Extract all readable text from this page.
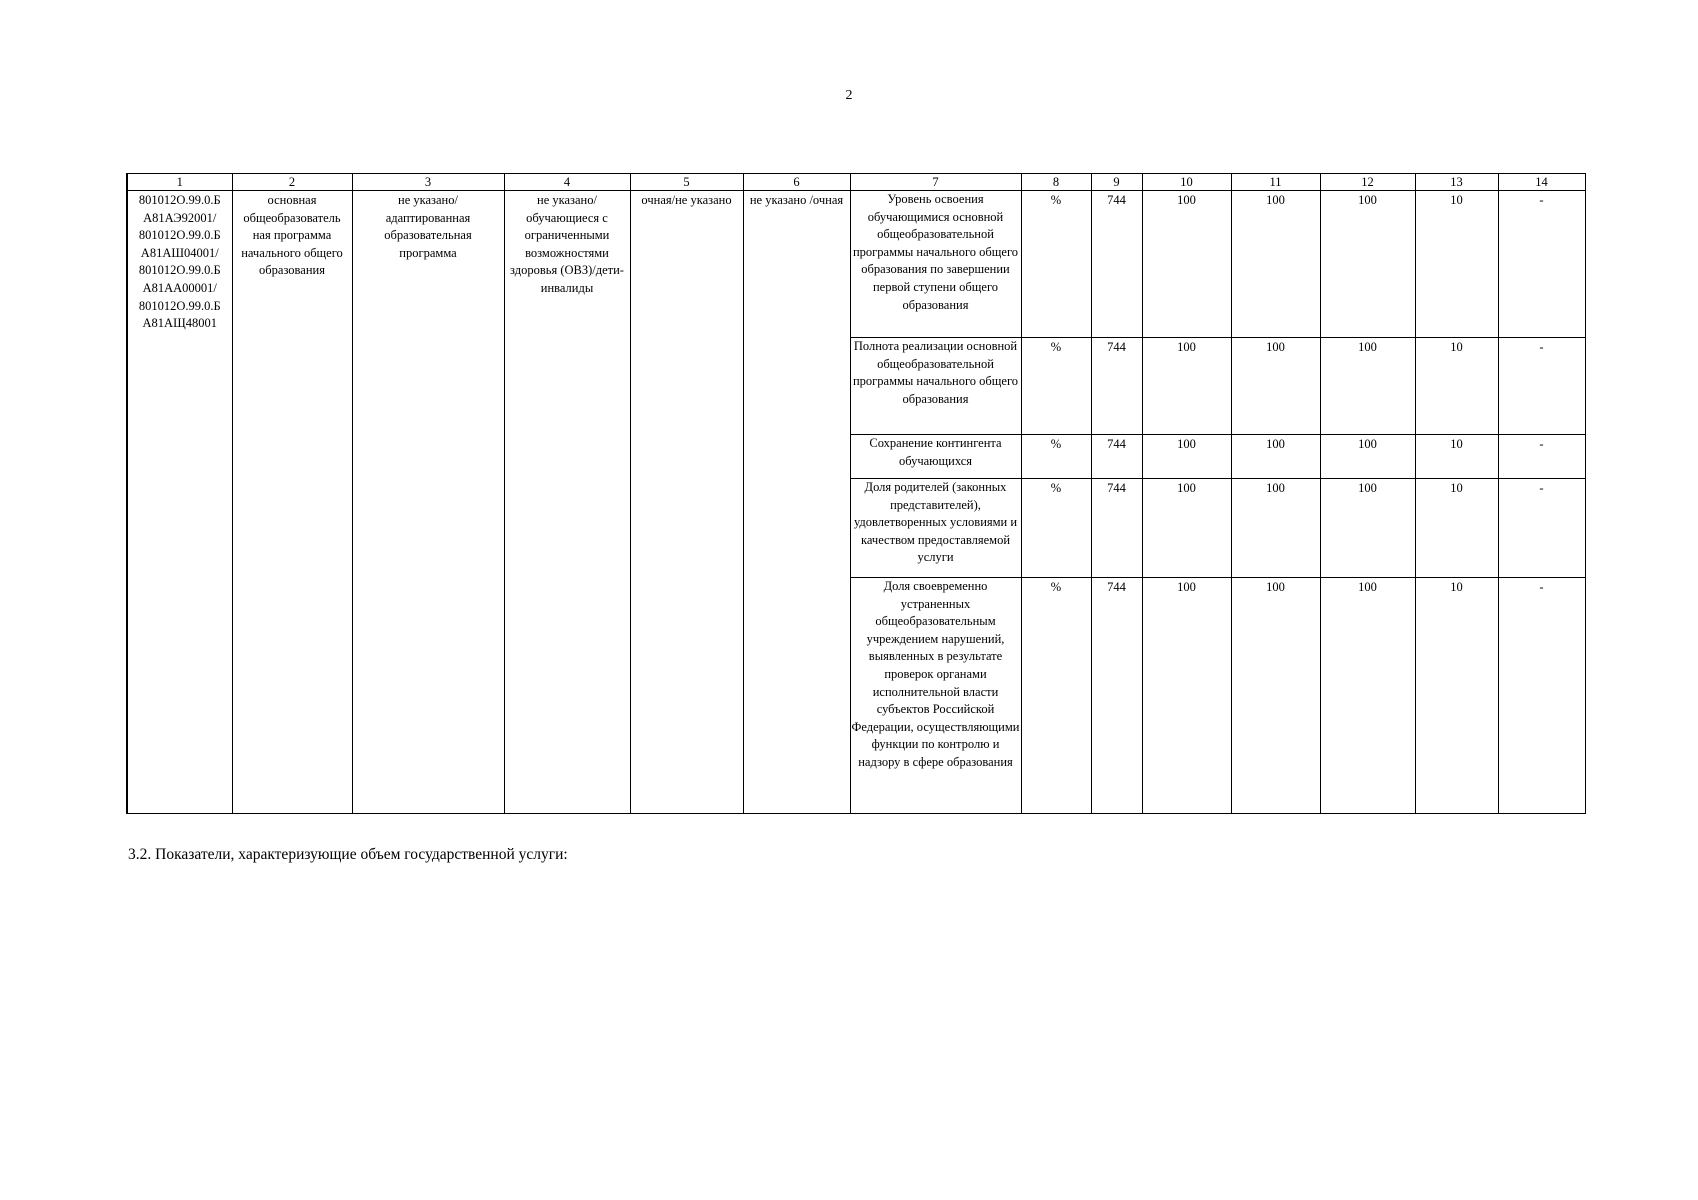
2
1	2	3	4	5	6	7	8	9	10	11	12	13	14
801012О.99.0.Б А81АЭ92001/ 801012О.99.0.Б А81АШ04001/ 801012О.99.0.Б А81АА00001/ 801012О.99.0.Б А81АЩ48001	основная общеобразователь ная программа начального общего образования	не указано/ адаптированная образовательная программа	не указано/ обучающиеся с ограниченными возможностями здоровья (ОВЗ)/дети-инвалиды	очная/не указано	не указано /очная	Уровень освоения обучающимися основной общеобразовательной программы начального общего образования по завершении первой ступени общего образования	%	744	100	100	100	10	-
						Полнота реализации основной общеобразовательной программы начального общего образования	%	744	100	100	100	10	-
						Сохранение контингента обучающихся	%	744	100	100	100	10	-
						Доля родителей (законных представителей), удовлетворенных условиями и качеством предоставляемой услуги	%	744	100	100	100	10	-
						Доля своевременно устраненных общеобразовательным учреждением нарушений, выявленных в результате проверок органами исполнительной власти субъектов Российской Федерации, осуществляющими функции по контролю и надзору в сфере образования	%	744	100	100	100	10	-
3.2. Показатели, характеризующие объем государственной услуги:
